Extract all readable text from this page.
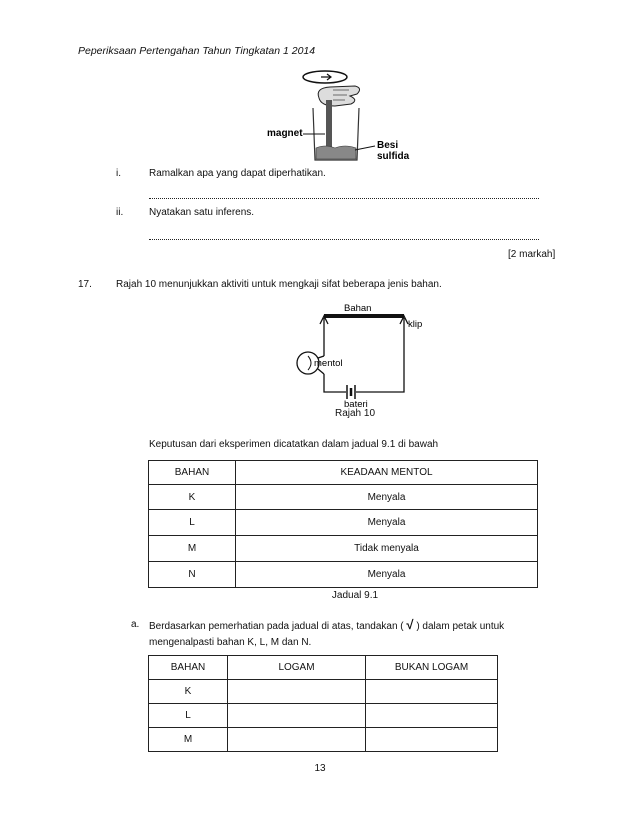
Peperiksaan Pertengahan Tahun Tingkatan 1 2014
magnet
Besi
sulfida
i.	Ramalkan apa yang dapat diperhatikan.
ii.	Nyatakan satu inferens.
[2 markah]
17. Rajah 10 menunjukkan aktiviti untuk mengkaji sifat beberapa jenis bahan.
Bahan
klip
mentol
bateri
Rajah 10
Keputusan dari eksperimen dicatatkan dalam jadual 9.1 di bawah
BAHAN	KEADAAN MENTOL
K	Menyala
L	Menyala
M	Tidak menyala
N	Menyala
Jadual 9.1
a. Berdasarkan pemerhatian pada jadual di atas, tandakan ( √ ) dalam petak untuk
mengenalpasti bahan K, L, M dan N.
BAHAN	LOGAM	BUKAN LOGAM
K		
L		
M		
13
